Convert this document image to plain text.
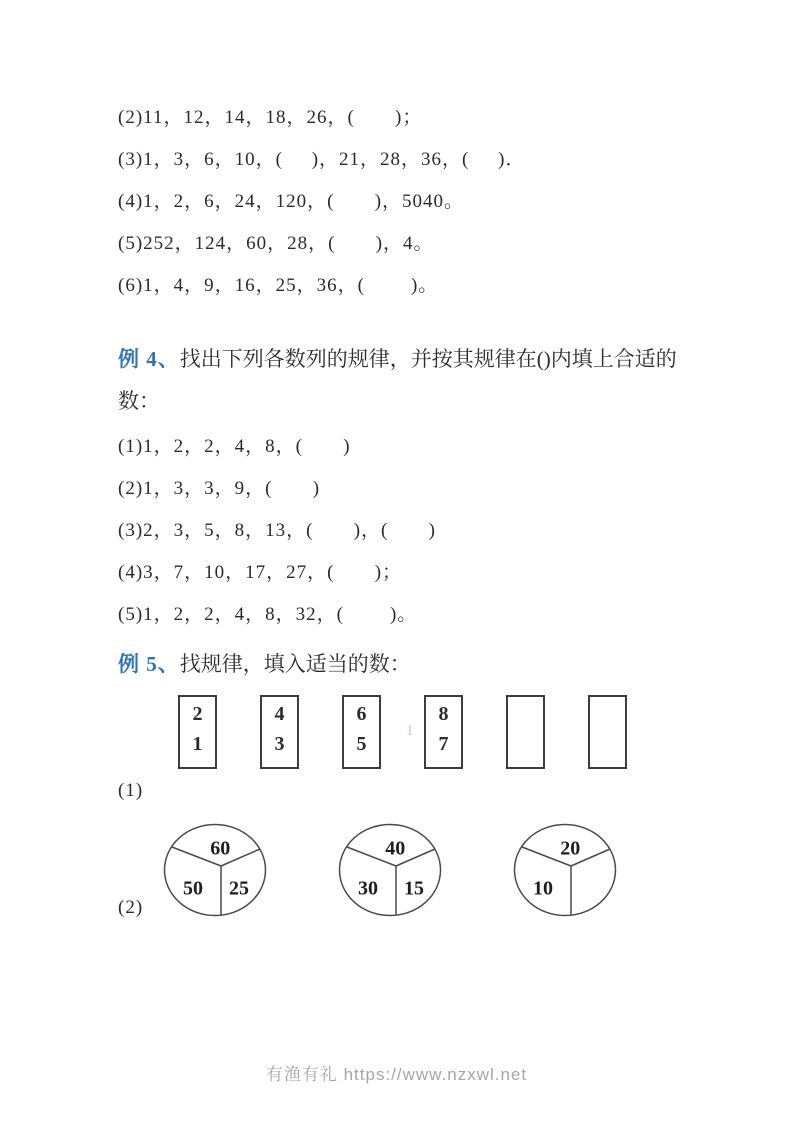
(2)11，12，14，18，26，(       )；

(3)1，3，6，10，(     )，21，28，36，(     )．

(4)1，2，6，24，120，(       )，5040。

(5)252，124，60，28，(       )，4。

(6)1，4，9，16，25，36，(        )。

例 4、找出下列各数列的规律，并按其规律在()内填上合适的数：

(1)1，2，2，4，8，(       )

(2)1，3，3，9，(       )

(3)2，3，5，8，13，(       )，(       )

(4)3，7，10，17，27，(       )；

(5)1，2，2，4，8，32，(        )。

例 5、找规律，填入适当的数：

1
2
1
4
3
6
5
8
7

(1)

(2)
60
50 25
40
30 15
20
10
有渔有礼 https://www.nzxwl.net
